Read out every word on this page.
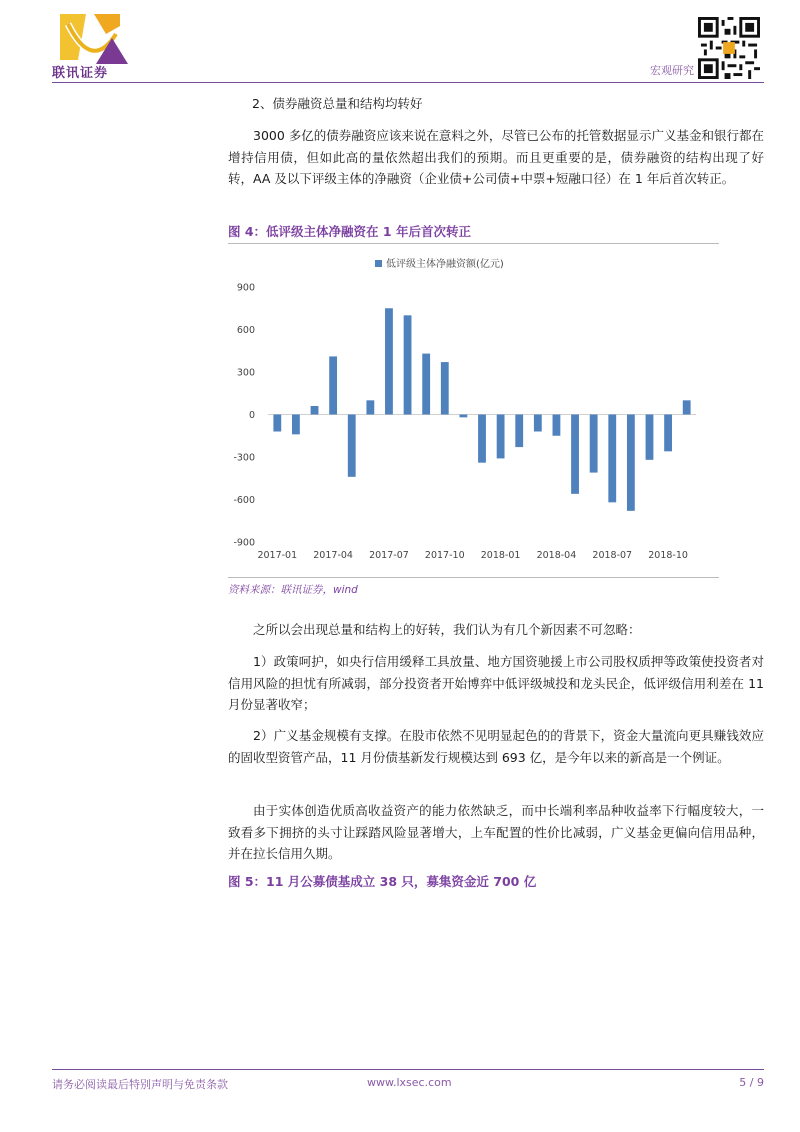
联讯证券	宏观研究

2、债券融资总量和结构均转好

3000 多亿的债券融资应该来说在意料之外，尽管已公布的托管数据显示广义基金和银行都在增持信用债，但如此高的量依然超出我们的预期。而且更重要的是，债券融资的结构出现了好转，AA 及以下评级主体的净融资（企业债+公司债+中票+短融口径）在 1 年后首次转正。

图 4：低评级主体净融资在 1 年后首次转正
低评级主体净融资额(亿元)
900
600
300
0
-300
-600
-900
2017-01 2017-04 2017-07 2017-10 2018-01 2018-04 2018-07 2018-10
资料来源：联讯证券，wind

之所以会出现总量和结构上的好转，我们认为有几个新因素不可忽略：

1）政策呵护，如央行信用缓释工具放量、地方国资驰援上市公司股权质押等政策使投资者对信用风险的担忧有所减弱，部分投资者开始博弈中低评级城投和龙头民企，低评级信用利差在 11 月份显著收窄；

2）广义基金规模有支撑。在股市依然不见明显起色的的背景下，资金大量流向更具赚钱效应的固收型资管产品，11 月份债基新发行规模达到 693 亿，是今年以来的新高是一个例证。

由于实体创造优质高收益资产的能力依然缺乏，而中长端利率品种收益率下行幅度较大，一致看多下拥挤的头寸让踩踏风险显著增大，上车配置的性价比减弱，广义基金更偏向信用品种，并在拉长信用久期。

图 5：11 月公募债基成立 38 只，募集资金近 700 亿
请务必阅读最后特别声明与免责条款	www.lxsec.com	5 / 9
